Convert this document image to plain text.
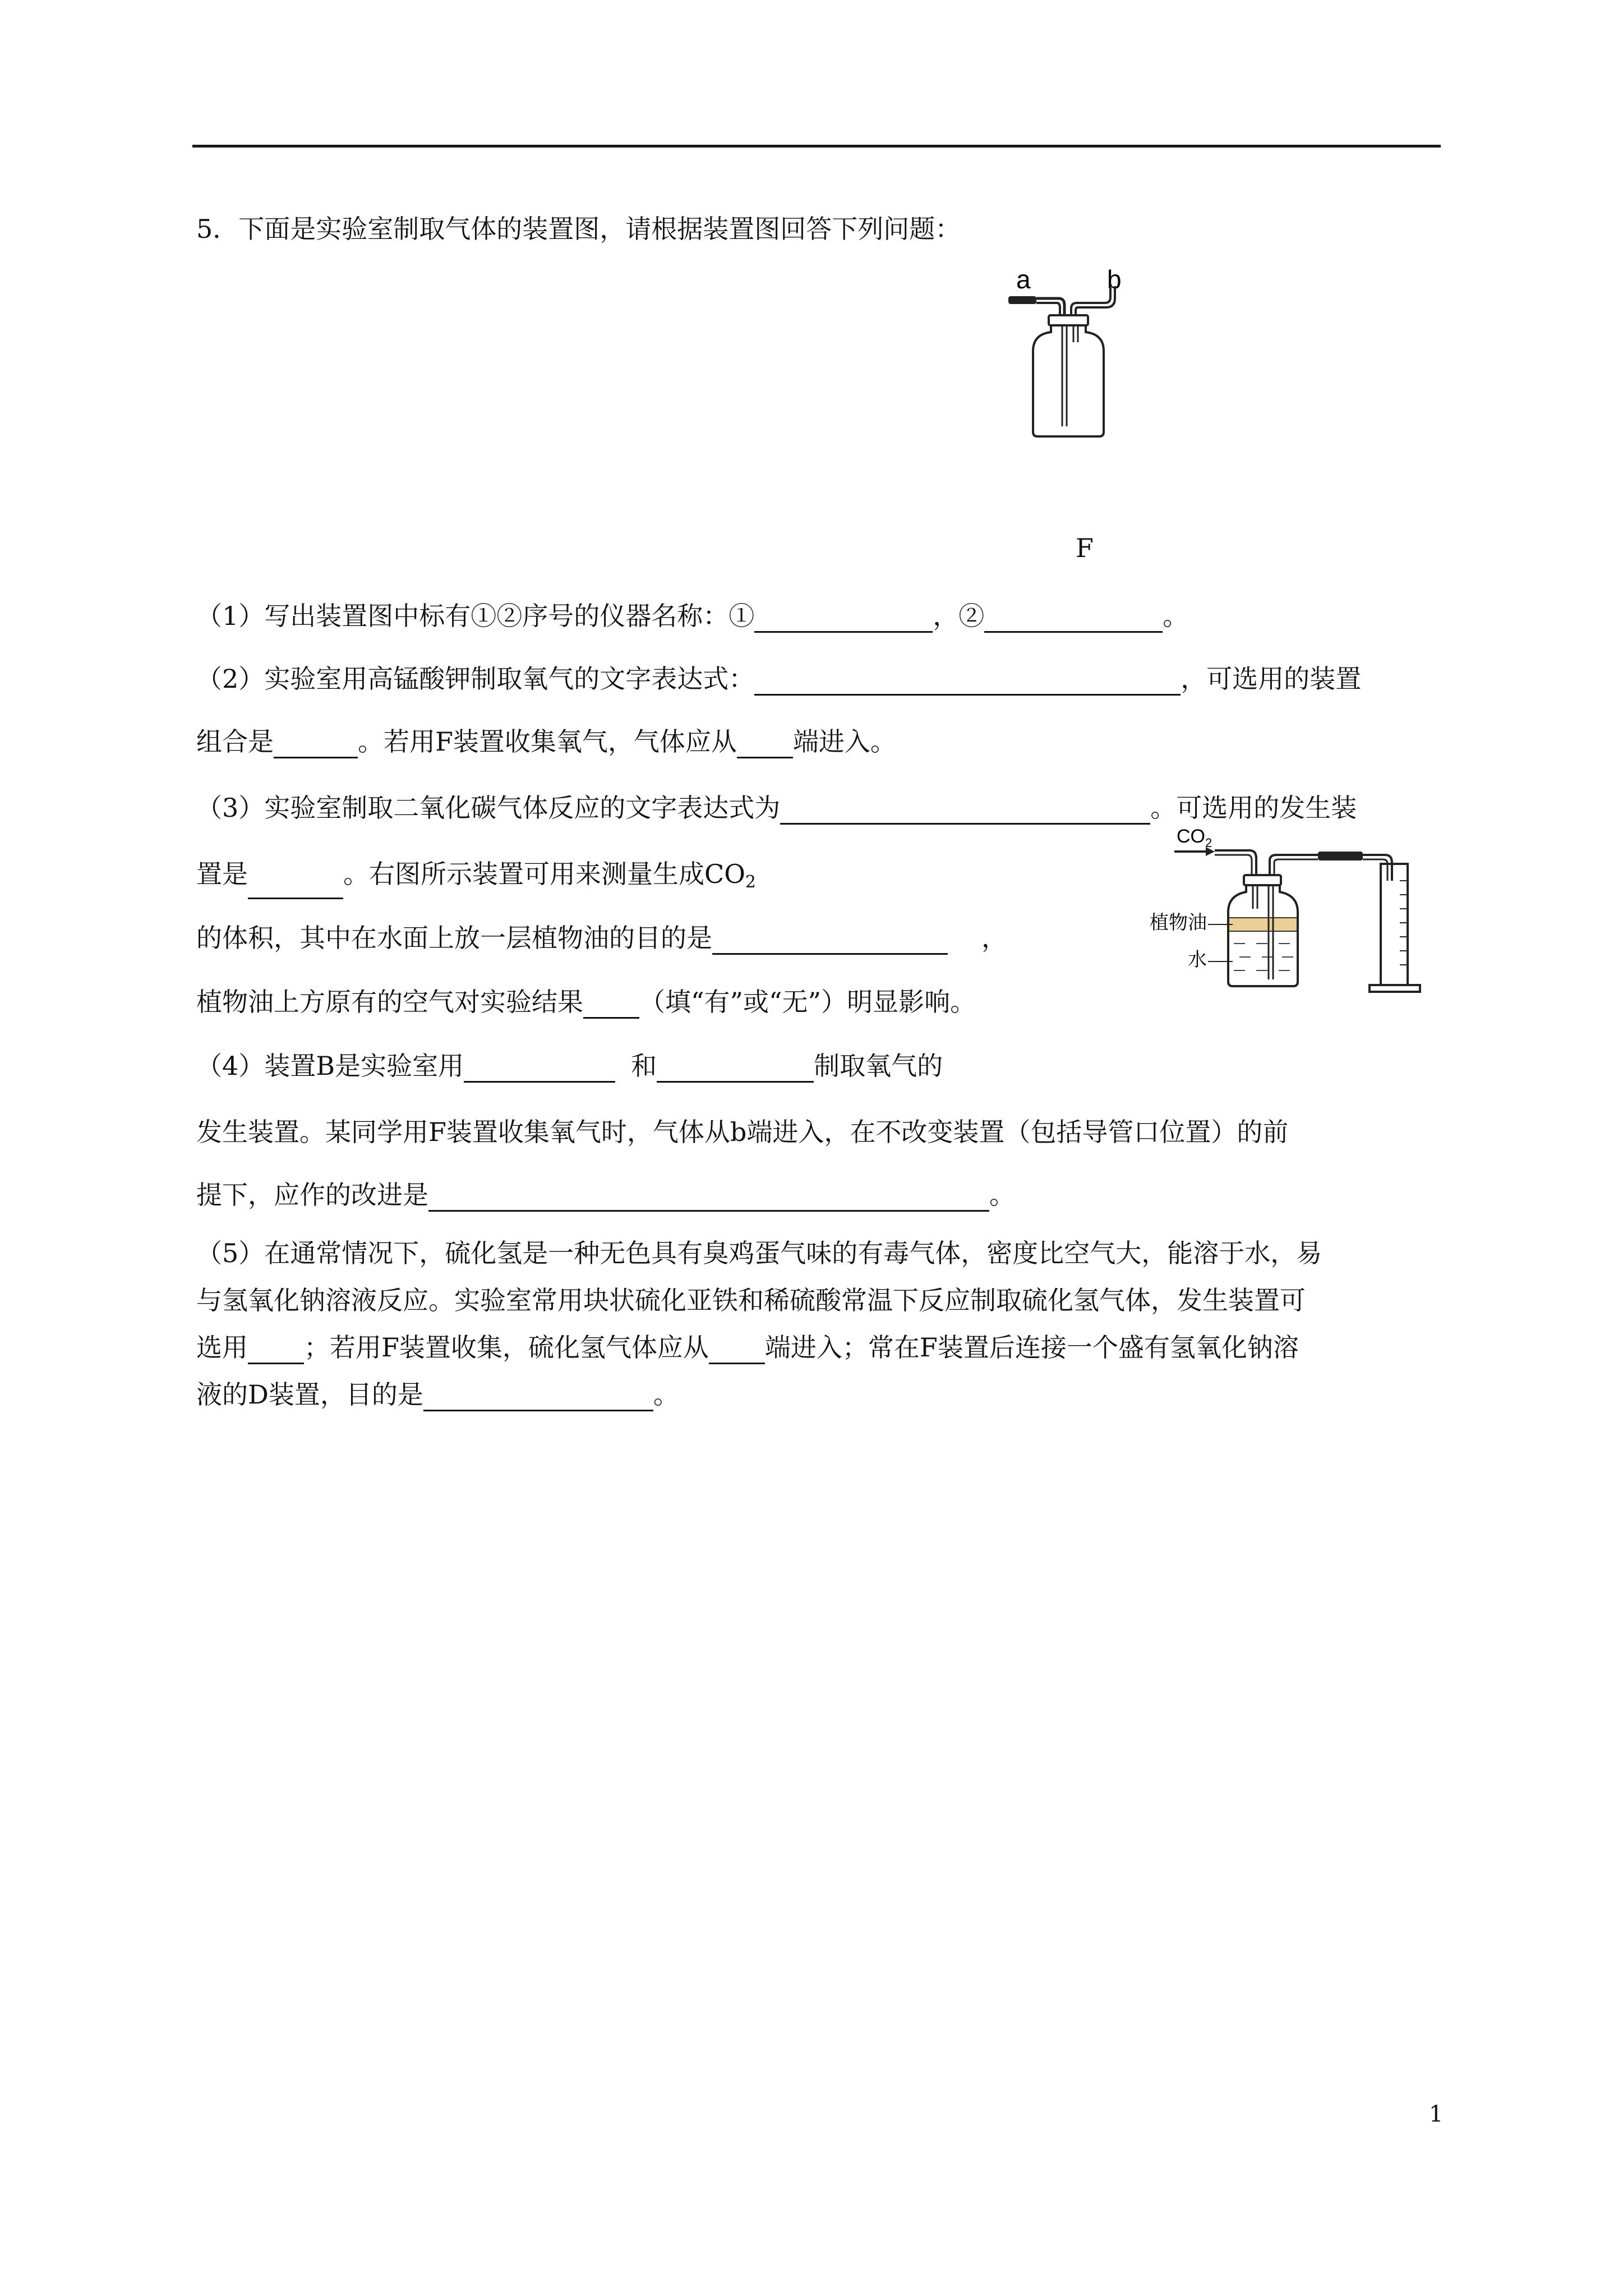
5．下面是实验室制取气体的装置图，请根据装置图回答下列问题：
a	b
F
（1）写出装置图中标有①②序号的仪器名称：①	，②	。
（2）实验室用高锰酸钾制取氧气的文字表达式：	，可选用的装置
组合是	。若用F装置收集氧气，气体应从 端进入。
（3）实验室制取二氧化碳气体反应的文字表达式为	。可选用的发生装
置是	。右图所示装置可用来测量生成$CO_2$
的体积，其中在水面上放一层植物油的目的是	，
植物油上方原有的空气对实验结果 （填“有”或“无”）明显影响。
$CO_2$
植物油
水
（4）装置B是实验室用	和	制取氧气的
发生装置。某同学用F装置收集氧气时，气体从b端进入，在不改变装置（包括导管口位置）的前
提下，应作的改进是	。
（5）在通常情况下，硫化氢是一种无色具有臭鸡蛋气味的有毒气体，密度比空气大，能溶于水，易
与氢氧化钠溶液反应。实验室常用块状硫化亚铁和稀硫酸常温下反应制取硫化氢气体，发生装置可
选用 ；若用F装置收集，硫化氢气体应从 端进入；常在F装置后连接一个盛有氢氧化钠溶
液的D装置，目的是	。
1
